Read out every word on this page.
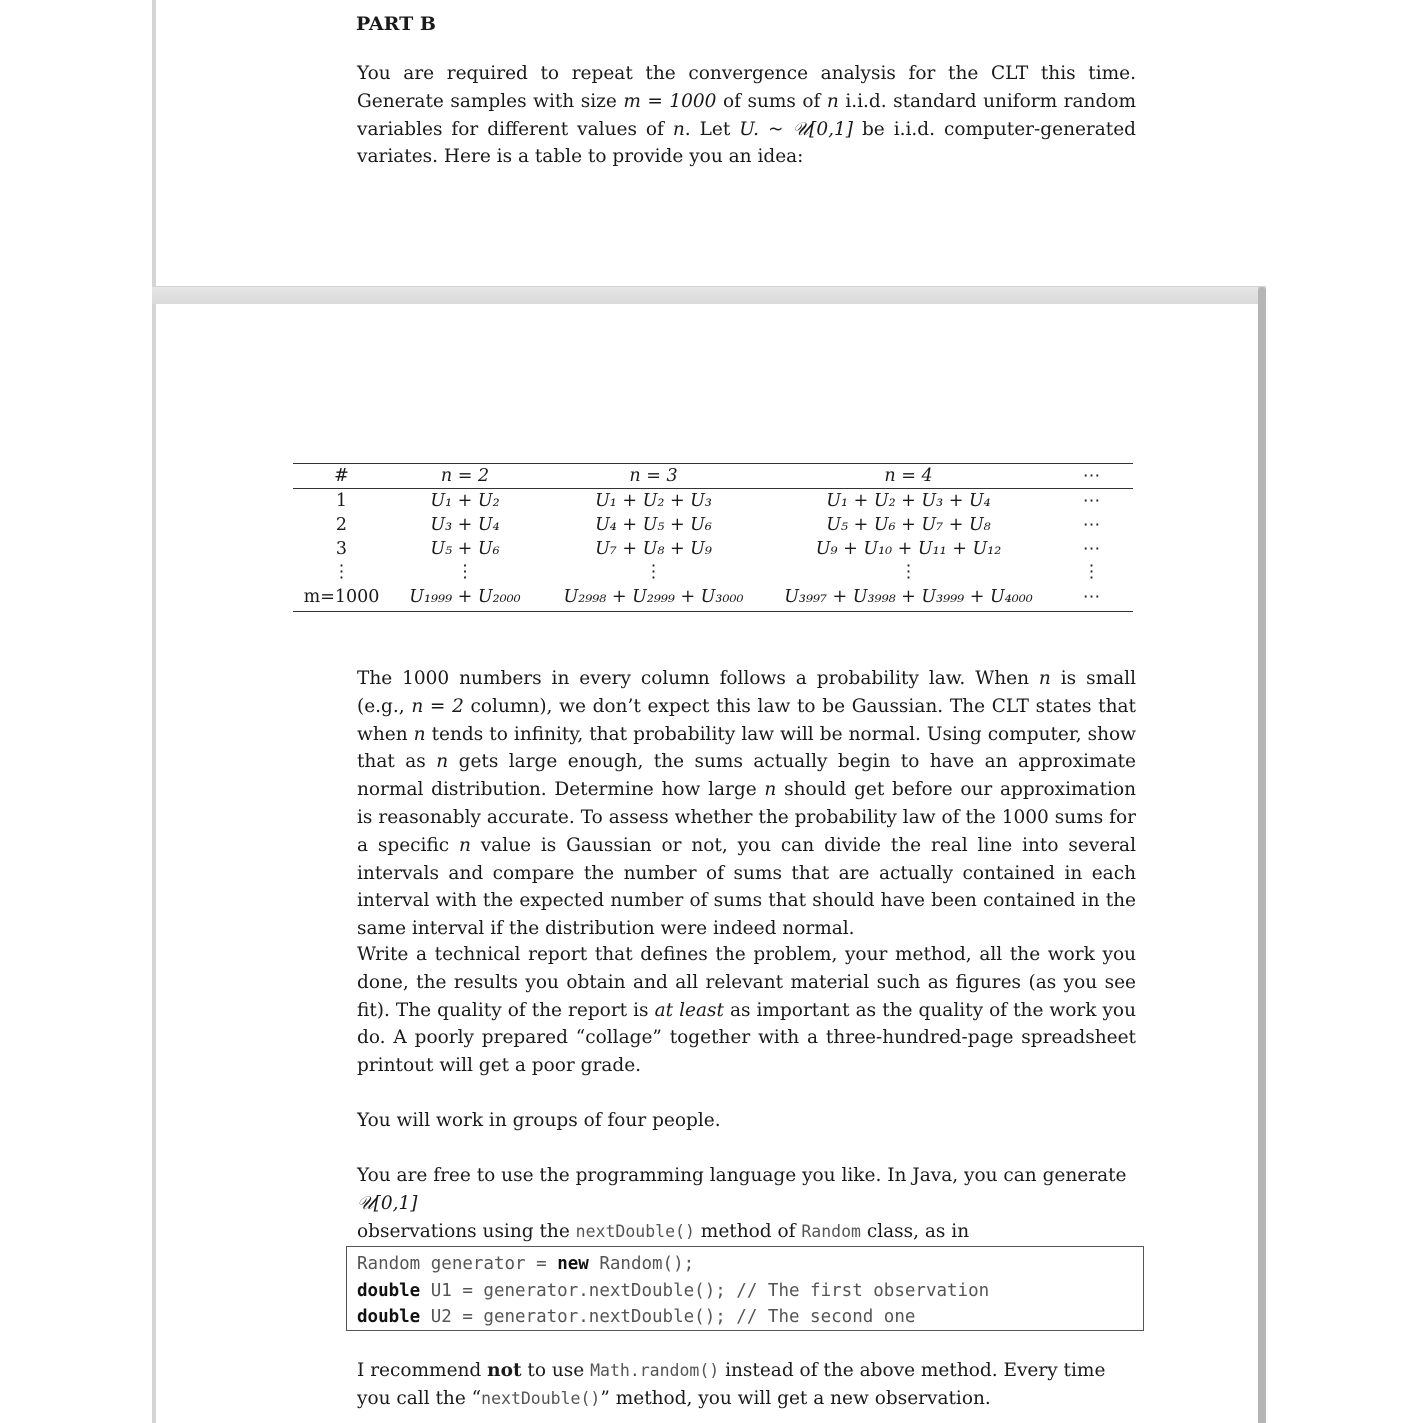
PART B
You are required to repeat the convergence analysis for the CLT this time. Generate samples with size m = 1000 of sums of n i.i.d. standard uniform random variables for different values of n. Let U. ~ 𝒰[0,1] be i.i.d. computer-generated variates. Here is a table to provide you an idea:
#	n = 2	n = 3	n = 4	⋯
1	U₁ + U₂	U₁ + U₂ + U₃	U₁ + U₂ + U₃ + U₄	⋯
2	U₃ + U₄	U₄ + U₅ + U₆	U₅ + U₆ + U₇ + U₈	⋯
3	U₅ + U₆	U₇ + U₈ + U₉	U₉ + U₁₀ + U₁₁ + U₁₂	⋯
⋮	⋮	⋮	⋮	⋮
m=1000	U₁₉₉₉ + U₂₀₀₀	U₂₉₉₈ + U₂₉₉₉ + U₃₀₀₀	U₃₉₉₇ + U₃₉₉₈ + U₃₉₉₉ + U₄₀₀₀	⋯
The 1000 numbers in every column follows a probability law. When n is small (e.g., n = 2 column), we don’t expect this law to be Gaussian. The CLT states that when n tends to infinity, that probability law will be normal. Using computer, show that as n gets large enough, the sums actually begin to have an approximate normal distribution. Determine how large n should get before our approximation is reasonably accurate. To assess whether the probability law of the 1000 sums for a specific n value is Gaussian or not, you can divide the real line into several intervals and compare the number of sums that are actually contained in each interval with the expected number of sums that should have been contained in the same interval if the distribution were indeed normal.
Write a technical report that defines the problem, your method, all the work you done, the results you obtain and all relevant material such as figures (as you see fit). The quality of the report is at least as important as the quality of the work you do. A poorly prepared “collage” together with a three-hundred-page spreadsheet printout will get a poor grade.
You will work in groups of four people.
You are free to use the programming language you like. In Java, you can generate 𝒰[0,1]
observations using the nextDouble() method of Random class, as in
Random generator = new Random();
double U1 = generator.nextDouble(); // The first observation
double U2 = generator.nextDouble(); // The second one
I recommend not to use Math.random() instead of the above method. Every time you call the “nextDouble()” method, you will get a new observation.
